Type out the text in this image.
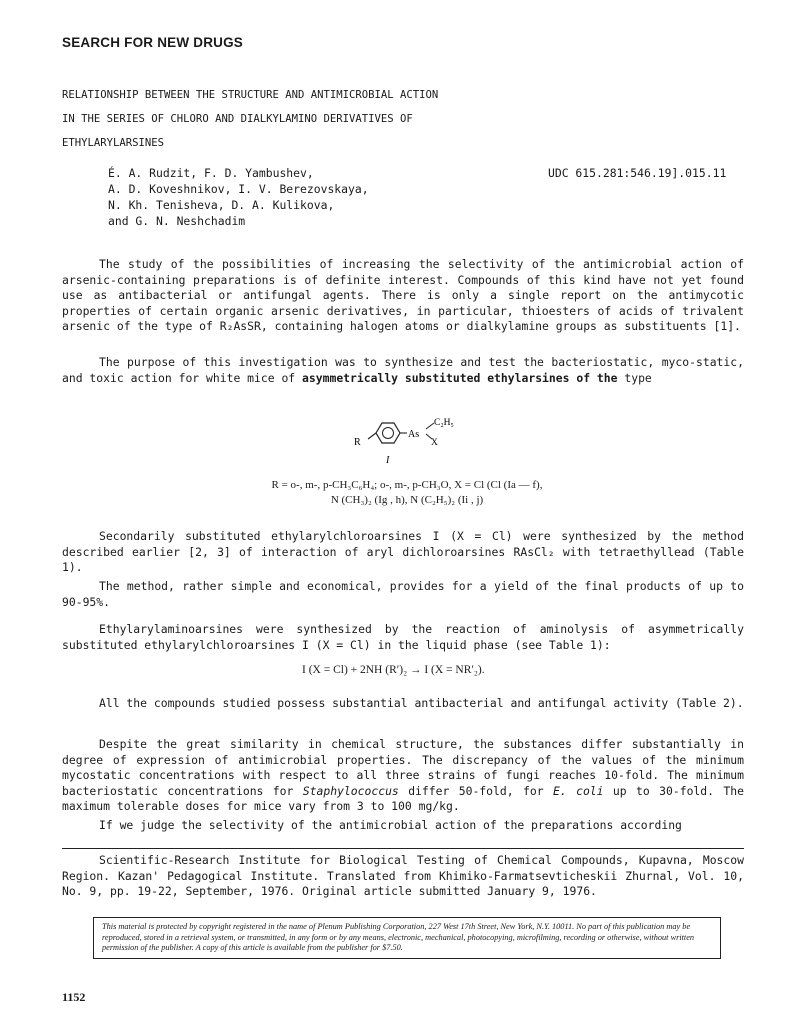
SEARCH FOR NEW DRUGS
RELATIONSHIP BETWEEN THE STRUCTURE AND ANTIMICROBIAL ACTION
IN THE SERIES OF CHLORO AND DIALKYLAMINO DERIVATIVES OF
ETHYLARYLARSINES
É. A. Rudzit, F. D. Yambushev,
A. D. Koveshnikov, I. V. Berezovskaya,
N. Kh. Tenisheva, D. A. Kulikova,
and G. N. Neshchadim
UDC 615.281:546.19].015.11

The study of the possibilities of increasing the selectivity of the antimicrobial action of arsenic-containing preparations is of definite interest. Compounds of this kind have not yet found use as antibacterial or antifungal agents. There is only a single report on the antimycotic properties of certain organic arsenic derivatives, in particular, thioesters of acids of trivalent arsenic of the type of R₂AsSR, containing halogen atoms or dialkylamine groups as substituents [1].

The purpose of this investigation was to synthesize and test the bacteriostatic, myco-static, and toxic action for white mice of asymmetrically substituted ethylarsines of the type

R
As
C₂H₅
X
I
R = o-, m-, p-CH₃C₆H₄; o-, m-, p-CH₃O, X = Cl (Cl (Ia — f),
N (CH₃)₂ (Ig , h), N (C₂H₅)₂ (Ii , j)

Secondarily substituted ethylarylchloroarsines I (X = Cl) were synthesized by the method described earlier [2, 3] of interaction of aryl dichloroarsines RAsCl₂ with tetraethyllead (Table 1).

The method, rather simple and economical, provides for a yield of the final products of up to 90-95%.

Ethylarylaminoarsines were synthesized by the reaction of aminolysis of asymmetrically substituted ethylarylchloroarsines I (X = Cl) in the liquid phase (see Table 1):

I (X = Cl) + 2NH (R′)₂ → I (X = NR′₂).

All the compounds studied possess substantial antibacterial and antifungal activity (Table 2).

Despite the great similarity in chemical structure, the substances differ substantially in degree of expression of antimicrobial properties. The discrepancy of the values of the minimum mycostatic concentrations with respect to all three strains of fungi reaches 10-fold. The minimum bacteriostatic concentrations for Staphylococcus differ 50-fold, for E. coli up to 30-fold. The maximum tolerable doses for mice vary from 3 to 100 mg/kg.

If we judge the selectivity of the antimicrobial action of the preparations according

Scientific-Research Institute for Biological Testing of Chemical Compounds, Kupavna, Moscow Region. Kazan' Pedagogical Institute. Translated from Khimiko-Farmatsevticheskii Zhurnal, Vol. 10, No. 9, pp. 19-22, September, 1976. Original article submitted January 9, 1976.

This material is protected by copyright registered in the name of Plenum Publishing Corporation, 227 West 17th Street, New York, N.Y. 10011. No part of this publication may be reproduced, stored in a retrieval system, or transmitted, in any form or by any means, electronic, mechanical, photocopying, microfilming, recording or otherwise, without written permission of the publisher. A copy of this article is available from the publisher for $7.50.
1152
